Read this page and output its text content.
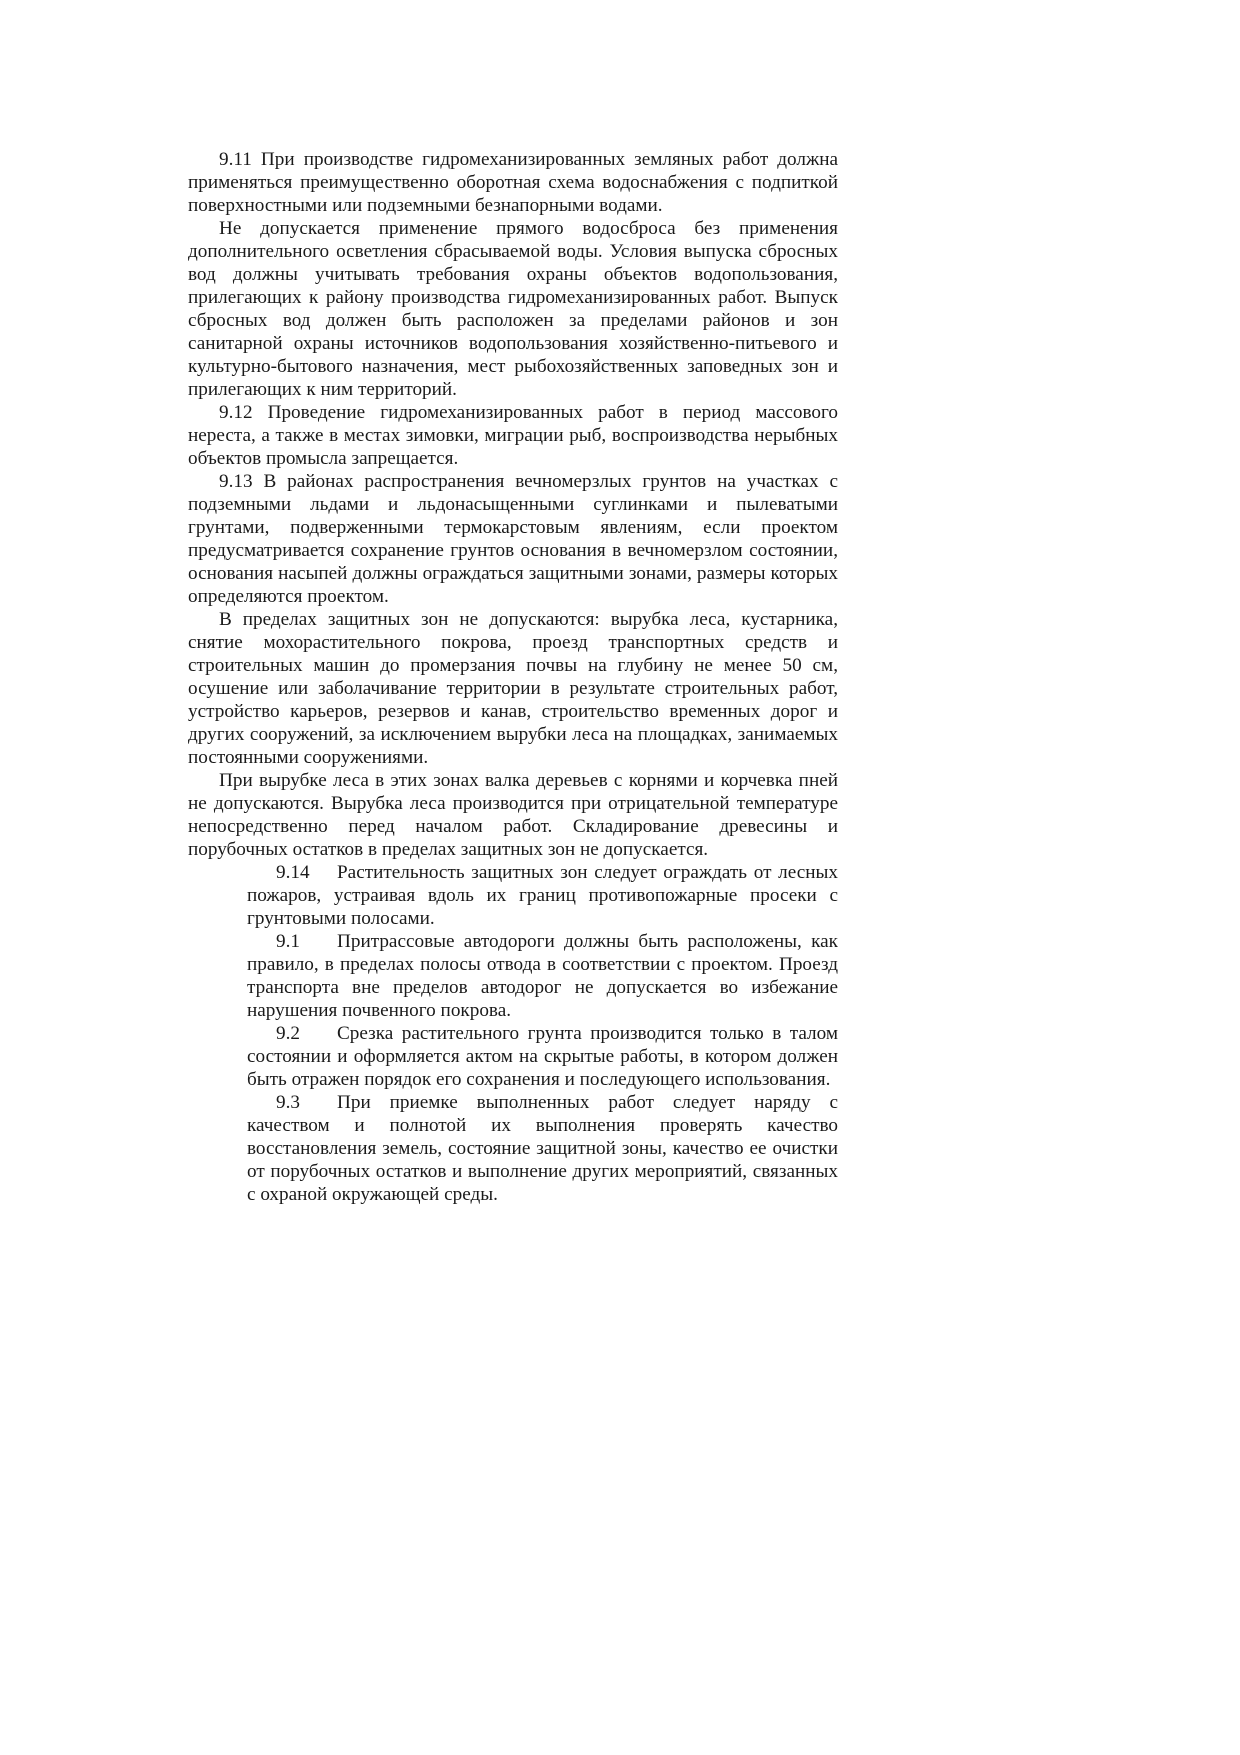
9.11 При производстве гидромеханизированных земляных работ должна применяться преимущественно оборотная схема водоснабжения с подпиткой поверхностными или подземными безнапорными водами.

Не допускается применение прямого водосброса без применения дополнительного осветления сбрасываемой воды. Условия выпуска сбросных вод должны учитывать требования охраны объектов водопользования, прилегающих к району производства гидромеханизированных работ. Выпуск сбросных вод должен быть расположен за пределами районов и зон санитарной охраны источников водопользования хозяйственно-питьевого и культурно-бытового назначения, мест рыбохозяйственных заповедных зон и прилегающих к ним территорий.

9.12 Проведение гидромеханизированных работ в период массового нереста, а также в местах зимовки, миграции рыб, воспроизводства нерыбных объектов промысла запрещается.

9.13 В районах распространения вечномерзлых грунтов на участках с подземными льдами и льдонасыщенными суглинками и пылеватыми грунтами, подверженными термокарстовым явлениям, если проектом предусматривается сохранение грунтов основания в вечномерзлом состоянии, основания насыпей должны ограждаться защитными зонами, размеры которых определяются проектом.

В пределах защитных зон не допускаются: вырубка леса, кустарника, снятие мохорастительного покрова, проезд транспортных средств и строительных машин до промерзания почвы на глубину не менее 50 см, осушение или заболачивание территории в результате строительных работ, устройство карьеров, резервов и канав, строительство временных дорог и других сооружений, за исключением вырубки леса на площадках, занимаемых постоянными сооружениями.

При вырубке леса в этих зонах валка деревьев с корнями и корчевка пней не допускаются. Вырубка леса производится при отрицательной температуре непосредственно перед началом работ. Складирование древесины и порубочных остатков в пределах защитных зон не допускается.

9.14 Растительность защитных зон следует ограждать от лесных пожаров, устраивая вдоль их границ противопожарные просеки с грунтовыми полосами.

9.1 Притрассовые автодороги должны быть расположены, как правило, в пределах полосы отвода в соответствии с проектом. Проезд транспорта вне пределов автодорог не допускается во избежание нарушения почвенного покрова.

9.2 Срезка растительного грунта производится только в талом состоянии и оформляется актом на скрытые работы, в котором должен быть отражен порядок его сохранения и последующего использования.

9.3 При приемке выполненных работ следует наряду с качеством и полнотой их выполнения проверять качество восстановления земель, состояние защитной зоны, качество ее очистки от порубочных остатков и выполнение других мероприятий, связанных с охраной окружающей среды.
